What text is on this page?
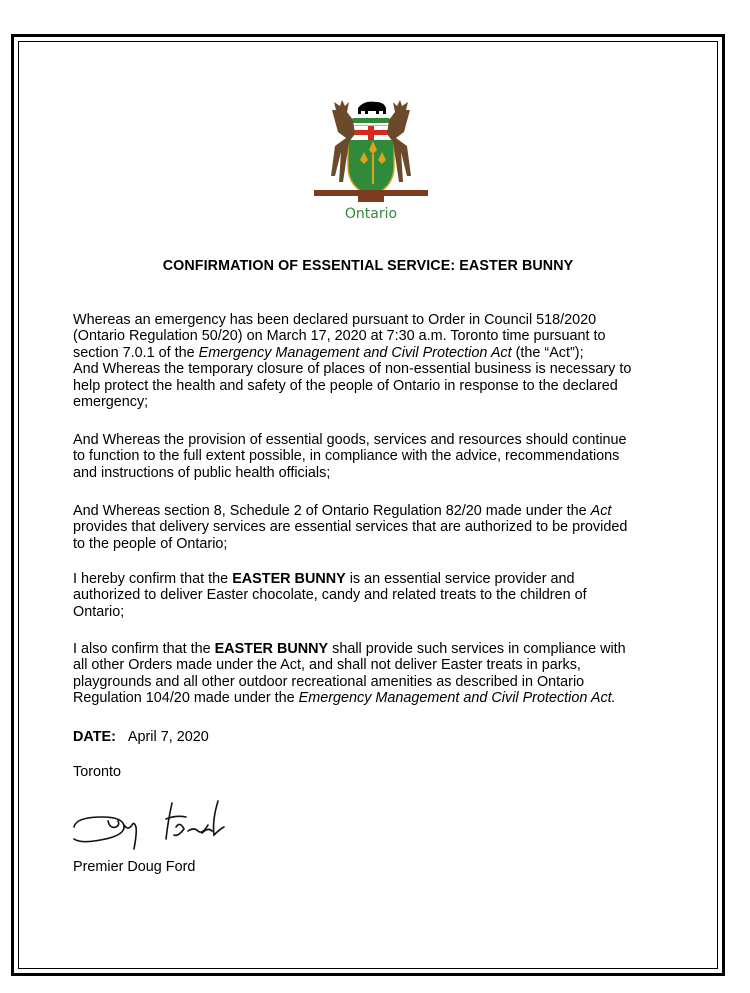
Ontario
CONFIRMATION OF ESSENTIAL SERVICE: EASTER BUNNY
Whereas an emergency has been declared pursuant to Order in Council 518/2020
(Ontario Regulation 50/20) on March 17, 2020 at 7:30 a.m. Toronto time pursuant to
section 7.0.1 of the Emergency Management and Civil Protection Act (the “Act”);
And Whereas the temporary closure of places of non-essential business is necessary to
help protect the health and safety of the people of Ontario in response to the declared
emergency;
And Whereas the provision of essential goods, services and resources should continue
to function to the full extent possible, in compliance with the advice, recommendations
and instructions of public health officials;
And Whereas section 8, Schedule 2 of Ontario Regulation 82/20 made under the Act
provides that delivery services are essential services that are authorized to be provided
to the people of Ontario;
I hereby confirm that the EASTER BUNNY is an essential service provider and
authorized to deliver Easter chocolate, candy and related treats to the children of
Ontario;
I also confirm that the EASTER BUNNY shall provide such services in compliance with
all other Orders made under the Act, and shall not deliver Easter treats in parks,
playgrounds and all other outdoor recreational amenities as described in Ontario
Regulation 104/20 made under the Emergency Management and Civil Protection Act.
DATE: April 7, 2020
Toronto
Premier Doug Ford
